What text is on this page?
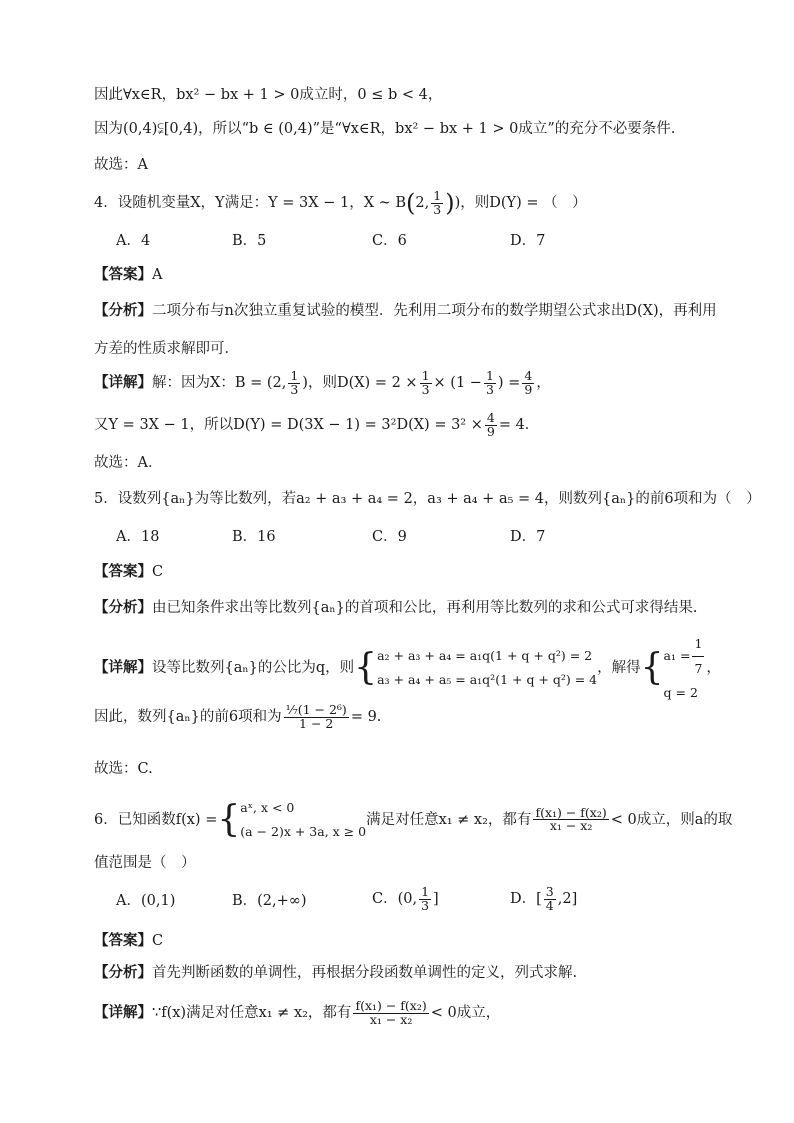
因此∀x∈R，bx² − bx + 1 > 0成立时，0 ≤ b < 4，
因为(0,4)⫋[0,4)，所以“b ∈ (0,4)”是“∀x∈R，bx² − bx + 1 > 0成立”的充分不必要条件.
故选：A
4．设随机变量X，Y满足：Y = 3X − 1，X ~ B(2, $\frac{1}{3}$ ))，则D(Y) = （　）
A．4	B．5	C．6	D．7
【答案】A
【分析】二项分布与n次独立重复试验的模型．先利用二项分布的数学期望公式求出D(X)，再利用
方差的性质求解即可．
【详解】解：因为X：B = (2, $\frac{1}{3}$ )，则$D(X) = 2 \times \frac{1}{3} \times (1 - \frac{1}{3}$ ) = $\frac{4}{9}$ ，
又Y = 3X − 1，所以$D(Y) = D(3X - 1) = 3^2D(X) = 3^2 \times \frac{4}{9} = 4$．
故选：A．
5．设数列{aₙ}为等比数列，若a₂ + a₃ + a₄ = 2，a₃ + a₄ + a₅ = 4，则数列{aₙ}的前6项和为（　）
A．18	B．16	C．9	D．7
【答案】C
【分析】由已知条件求出等比数列{aₙ}的首项和公比，再利用等比数列的求和公式可求得结果.
【详解】设等比数列{aₙ}的公比为q，则{ a₂ + a₃ + a₄ = a₁q(1 + q + q²) = 2
a₃ + a₄ + a₅ = a₁q²(1 + q + q²) = 4
，解得{ $a_1 = \frac{1}{7}$
q = 2
，
因此，数列{aₙ}的前6项和为 $\frac{\text{⅐(1 − 2⁶)}}{1 - 2} = 9$.
故选：C.
6．已知函数f(x) ={ aˣ, x < 0
(a − 2)x + 3a, x ≥ 0
满足对任意x₁ ≠ x₂，都有 $\frac{\text{f(x₁) − f(x₂)}}{\text{x₁ − x₂}} < 0$成立，则a的取
值范围是（　）
A．(0,1)	B．(2,+∞)	C．(0, $\frac{1}{3}$ ]	D．[ $\frac{3}{4} ,2$]
【答案】C
【分析】首先判断函数的单调性，再根据分段函数单调性的定义，列式求解.
【详解】∵f(x)满足对任意x₁ ≠ x₂，都有 $\frac{\text{f(x₁) − f(x₂)}}{\text{x₁ − x₂}} < 0$成立，
